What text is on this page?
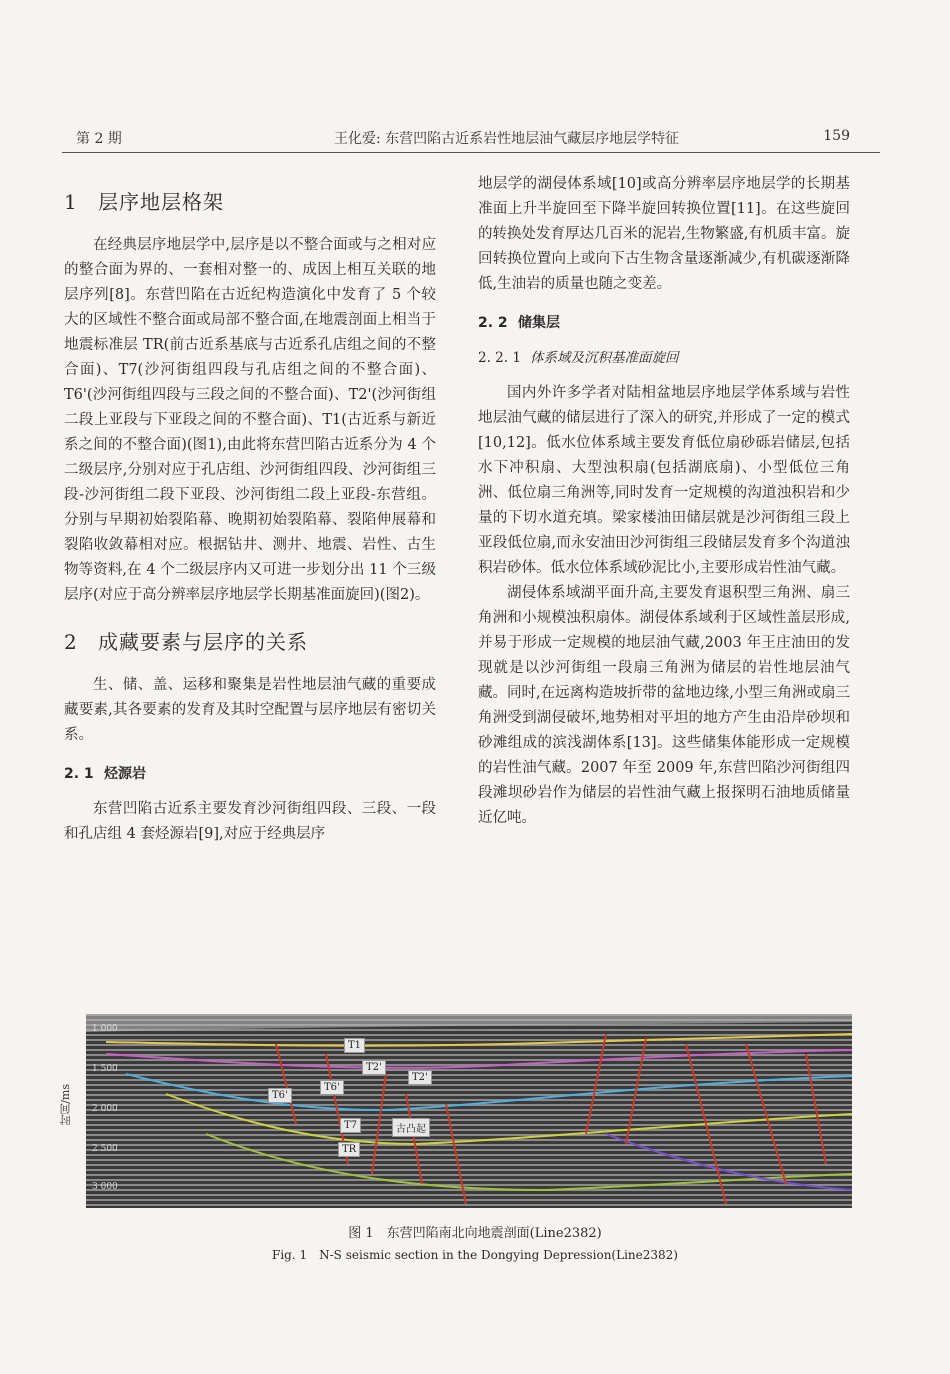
第 2 期	王化爱: 东营凹陷古近系岩性地层油气藏层序地层学特征	159
1 层序地层格架

在经典层序地层学中,层序是以不整合面或与之相对应的整合面为界的、一套相对整一的、成因上相互关联的地层序列[8]。东营凹陷在古近纪构造演化中发育了 5 个较大的区域性不整合面或局部不整合面,在地震剖面上相当于地震标准层 TR(前古近系基底与古近系孔店组之间的不整合面)、T7(沙河街组四段与孔店组之间的不整合面)、T6'(沙河街组四段与三段之间的不整合面)、T2'(沙河街组二段上亚段与下亚段之间的不整合面)、T1(古近系与新近系之间的不整合面)(图1),由此将东营凹陷古近系分为 4 个二级层序,分别对应于孔店组、沙河街组四段、沙河街组三段-沙河街组二段下亚段、沙河街组二段上亚段-东营组。分别与早期初始裂陷幕、晚期初始裂陷幕、裂陷伸展幕和裂陷收敛幕相对应。根据钻井、测井、地震、岩性、古生物等资料,在 4 个二级层序内又可进一步划分出 11 个三级层序(对应于高分辨率层序地层学长期基准面旋回)(图2)。

2 成藏要素与层序的关系

生、储、盖、运移和聚集是岩性地层油气藏的重要成藏要素,其各要素的发育及其时空配置与层序地层有密切关系。

2. 1 烃源岩

东营凹陷古近系主要发育沙河街组四段、三段、一段和孔店组 4 套烃源岩[9],对应于经典层序

地层学的湖侵体系域[10]或高分辨率层序地层学的长期基准面上升半旋回至下降半旋回转换位置[11]。在这些旋回的转换处发育厚达几百米的泥岩,生物繁盛,有机质丰富。旋回转换位置向上或向下古生物含量逐渐减少,有机碳逐渐降低,生油岩的质量也随之变差。

2. 2 储集层
2. 2. 1 体系域及沉积基准面旋回

国内外许多学者对陆相盆地层序地层学体系域与岩性地层油气藏的储层进行了深入的研究,并形成了一定的模式[10,12]。低水位体系域主要发育低位扇砂砾岩储层,包括水下冲积扇、大型浊积扇(包括湖底扇)、小型低位三角洲、低位扇三角洲等,同时发育一定规模的沟道浊积岩和少量的下切水道充填。梁家楼油田储层就是沙河街组三段上亚段低位扇,而永安油田沙河街组三段储层发育多个沟道浊积岩砂体。低水位体系域砂泥比小,主要形成岩性油气藏。

湖侵体系域湖平面升高,主要发育退积型三角洲、扇三角洲和小规模浊积扇体。湖侵体系域利于区域性盖层形成,并易于形成一定规模的地层油气藏,2003 年王庄油田的发现就是以沙河街组一段扇三角洲为储层的岩性地层油气藏。同时,在远离构造坡折带的盆地边缘,小型三角洲或扇三角洲受到湖侵破坏,地势相对平坦的地方产生由沿岸砂坝和砂滩组成的滨浅湖体系[13]。这些储集体能形成一定规模的岩性油气藏。2007 年至 2009 年,东营凹陷沙河街组四段滩坝砂岩作为储层的岩性油气藏上报探明石油地质储量近亿吨。

时间/ms
1 000
1 500
2 000
2 500
3 000
T1
T2'
T2'
T6'
T6'
T7
TR
古凸起
图 1　东营凹陷南北向地震剖面(Line2382)
Fig. 1　N-S seismic section in the Dongying Depression(Line2382)
